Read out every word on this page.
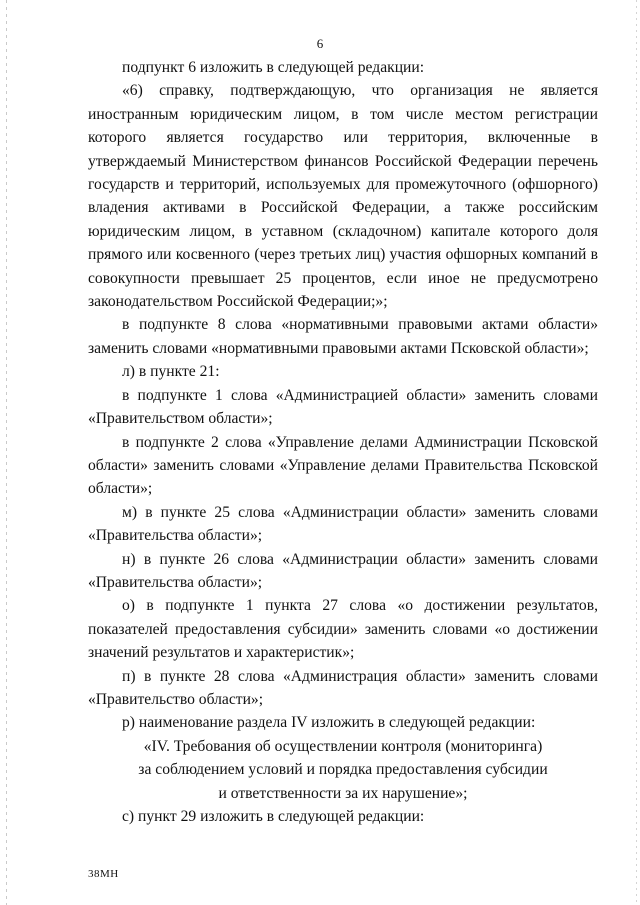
6

подпункт 6 изложить в следующей редакции:

«6) справку, подтверждающую, что организация не является иностранным юридическим лицом, в том числе местом регистрации которого является государство или территория, включенные в утверждаемый Министерством финансов Российской Федерации перечень государств и территорий, используемых для промежуточного (офшорного) владения активами в Российской Федерации, а также российским юридическим лицом, в уставном (складочном) капитале которого доля прямого или косвенного (через третьих лиц) участия офшорных компаний в совокупности превышает 25 процентов, если иное не предусмотрено законодательством Российской Федерации;»;

в подпункте 8 слова «нормативными правовыми актами области» заменить словами «нормативными правовыми актами Псковской области»;

л) в пункте 21:

в подпункте 1 слова «Администрацией области» заменить словами «Правительством области»;

в подпункте 2 слова «Управление делами Администрации Псковской области» заменить словами «Управление делами Правительства Псковской области»;

м) в пункте 25 слова «Администрации области» заменить словами «Правительства области»;

н) в пункте 26 слова «Администрации области» заменить словами «Правительства области»;

о) в подпункте 1 пункта 27 слова «о достижении результатов, показателей предоставления субсидии» заменить словами «о достижении значений результатов и характеристик»;

п) в пункте 28 слова «Администрация области» заменить словами «Правительство области»;

р) наименование раздела IV изложить в следующей редакции:

«IV. Требования об осуществлении контроля (мониторинга)

за соблюдением условий и порядка предоставления субсидии

и ответственности за их нарушение»;

с) пункт 29 изложить в следующей редакции:

38МН
